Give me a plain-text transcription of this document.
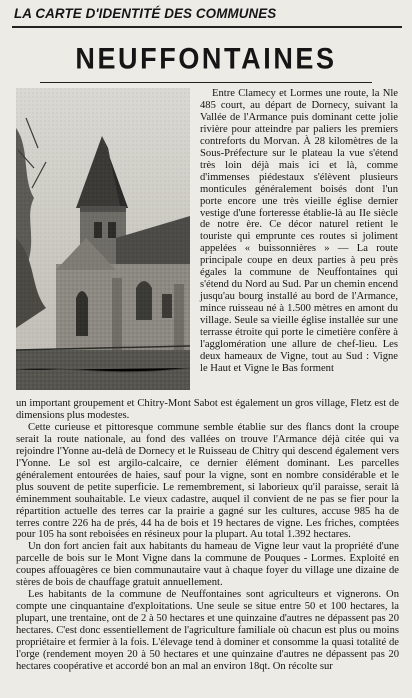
LA CARTE D'IDENTITÉ DES COMMUNES
NEUFFONTAINES

Entre Clamecy et Lormes une route, la Nle 485 court, au départ de Dornecy, suivant la Vallée de l'Armance puis dominant cette jolie rivière pour atteindre par paliers les premiers contreforts du Morvan. À 28 kilomètres de la Sous-Préfecture sur le plateau la vue s'étend très loin déjà mais ici et là, comme d'immenses piédestaux s'élèvent plusieurs monticules généralement boisés dont l'un porte encore une très vieille église dernier vestige d'une forteresse établie-là au IIe siècle de notre ère. Ce décor naturel retient le touriste qui emprunte ces routes si joliment appelées « buissonnières » — La route principale coupe en deux parties à peu près égales la commune de Neuffontaines qui s'étend du Nord au Sud. Par un chemin encend jusqu'au bourg installé au bord de l'Armance, mince ruisseau né à 1.500 mètres en amont du village. Seule sa vieille église installée sur une terrasse étroite qui porte le cimetière confère à l'agglomération une allure de chef-lieu. Les deux hameaux de Vigne, tout au Sud : Vigne le Haut et Vigne le Bas forment

un important groupement et Chitry-Mont Sabot est également un gros village, Fletz est de dimensions plus modestes.

Cette curieuse et pittoresque commune semble établie sur des flancs dont la croupe serait la route nationale, au fond des vallées on trouve l'Armance déjà citée qui va rejoindre l'Yonne au-delà de Dornecy et le Ruisseau de Chitry qui descend également vers l'Yonne. Le sol est argilo-calcaire, ce dernier élément dominant. Les parcelles généralement entourées de haies, sauf pour la vigne, sont en nombre considérable et le plus souvent de petite superficie. Le remembrement, si laborieux qu'il paraisse, serait là éminemment souhaitable. Le vieux cadastre, auquel il convient de ne pas se fier pour la répartition actuelle des terres car la prairie a gagné sur les cultures, accuse 985 ha de terres contre 226 ha de prés, 44 ha de bois et 19 hectares de vigne. Les friches, comptées pour 105 ha sont reboisées en résineux pour la plupart. Au total 1.392 hectares.

Un don fort ancien fait aux habitants du hameau de Vigne leur vaut la propriété d'une parcelle de bois sur le Mont Vigne dans la commune de Pouques - Lormes. Exploité en coupes affouagères ce bien communautaire vaut à chaque foyer du village une dizaine de stères de bois de chauffage gratuit annuellement.

Les habitants de la commune de Neuffontaines sont agriculteurs et vignerons. On compte une cinquantaine d'exploitations. Une seule se situe entre 50 et 100 hectares, la plupart, une trentaine, ont de 2 à 50 hectares et une quinzaine d'autres ne dépassent pas 20 hectares. C'est donc essentiellement de l'agriculture familiale où chacun est plus ou moins propriétaire et fermier à la fois. L'élevage tend à dominer et consomme la quasi totalité de l'orge (rendement moyen 20 à 50 hectares et une quinzaine d'autres ne dépassent pas 20 hectares coopérative et accordé bon an mal an environ 18qt. On récolte sur
